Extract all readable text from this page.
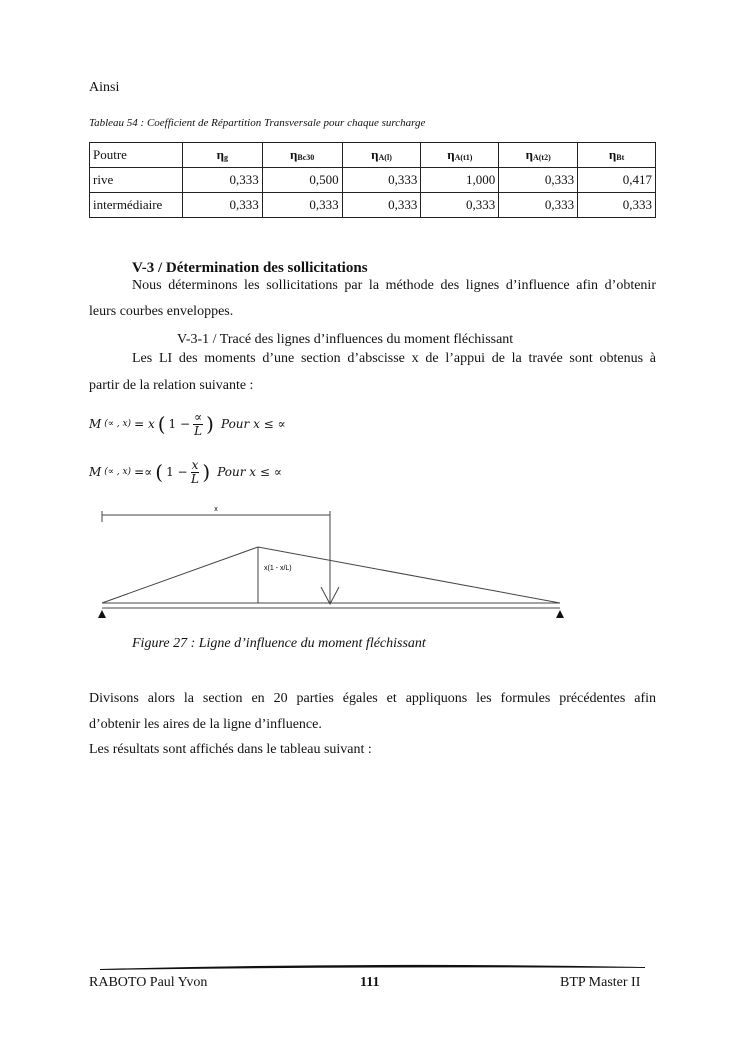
Ainsi
Tableau 54 : Coefficient de Répartition Transversale pour chaque surcharge
Poutre	$\eta_g$	$\eta_{Bc30}$	$\eta_{A(l)}$	$\eta_{A(t1)}$	$\eta_{A(t2)}$	$\eta_{Bt}$
rive	0,333	0,500	0,333	1,000	0,333	0,417
intermédiaire	0,333	0,333	0,333	0,333	0,333	0,333
V-3 / Détermination des sollicitations
Nous déterminons les sollicitations par la méthode des lignes d’influence afin d’obtenir
leurs courbes enveloppes.
V-3-1 / Tracé des lignes d’influences du moment fléchissant
Les LI des moments d’une section d’abscisse x de l’appui de la travée sont obtenus à
partir de la relation suivante :
M (∝ , x) = x ( $1 - \frac{\propto}{L}$ ) Pour x ≤ ∝
M (∝ , x) =∝ ( $1 - \frac{x}{L}$ ) Pour x ≤ ∝
x
x(1 - x/L)
Figure 27 : Ligne d’influence du moment fléchissant
Divisons alors la section en 20 parties égales et appliquons les formules précédentes afin
d’obtenir les aires de la ligne d’influence.
Les résultats sont affichés dans le tableau suivant :
RABOTO Paul Yvon	111	BTP Master II
